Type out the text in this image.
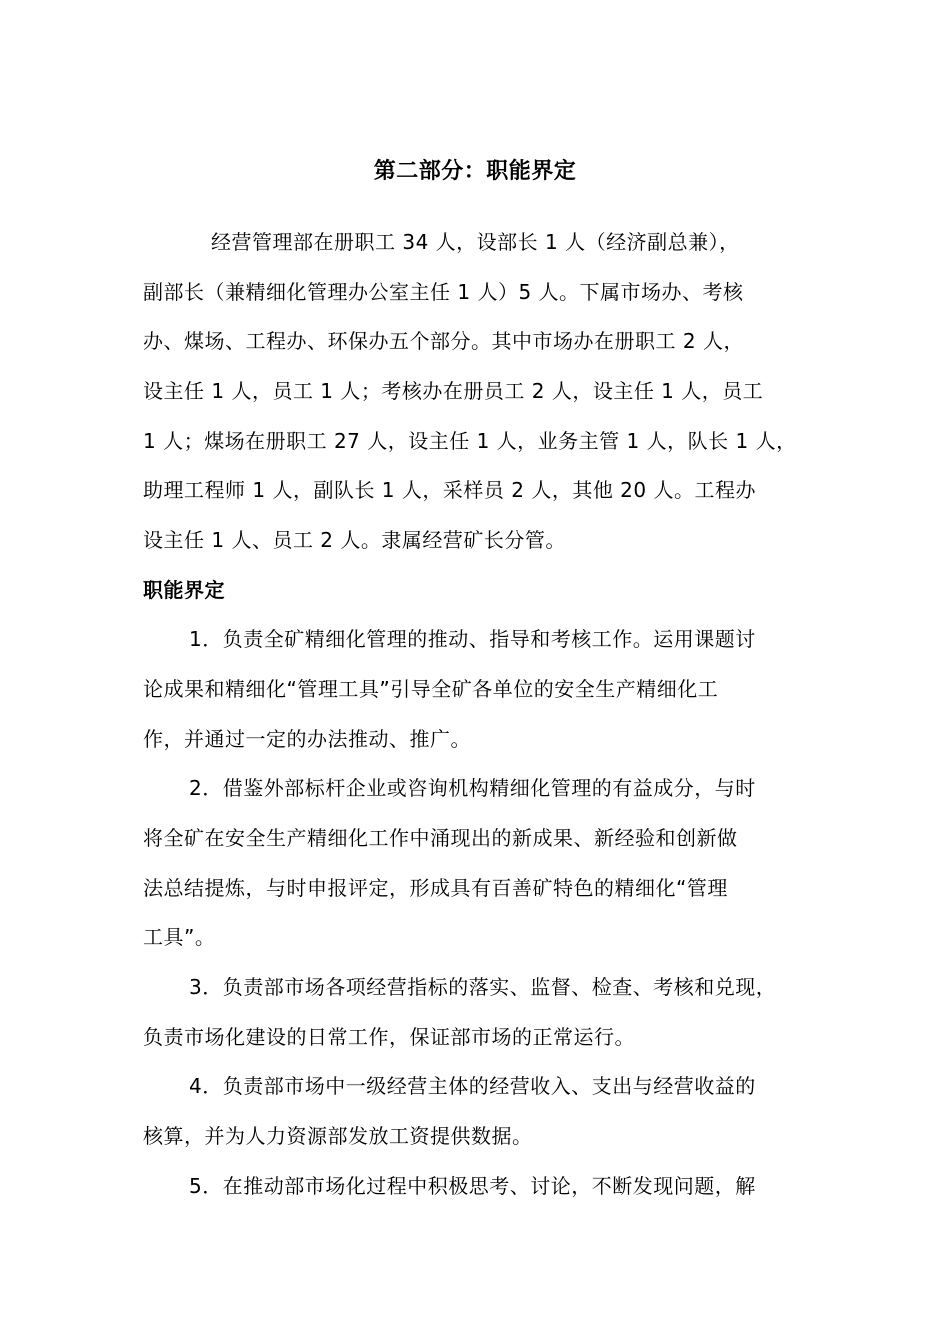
第二部分：职能界定
经营管理部在册职工 34 人，设部长 1 人（经济副总兼），
副部长（兼精细化管理办公室主任 1 人）5 人。下属市场办、考核
办、煤场、工程办、环保办五个部分。其中市场办在册职工 2 人，
设主任 1 人，员工 1 人；考核办在册员工 2 人，设主任 1 人，员工
1 人；煤场在册职工 27 人，设主任 1 人，业务主管 1 人，队长 1 人，
助理工程师 1 人，副队长 1 人，采样员 2 人，其他 20 人。工程办
设主任 1 人、员工 2 人。隶属经营矿长分管。
职能界定
1．负责全矿精细化管理的推动、指导和考核工作。运用课题讨
论成果和精细化“管理工具”引导全矿各单位的安全生产精细化工
作，并通过一定的办法推动、推广。
2．借鉴外部标杆企业或咨询机构精细化管理的有益成分，与时
将全矿在安全生产精细化工作中涌现出的新成果、新经验和创新做
法总结提炼，与时申报评定，形成具有百善矿特色的精细化“管理
工具”。
3．负责部市场各项经营指标的落实、监督、检查、考核和兑现，
负责市场化建设的日常工作，保证部市场的正常运行。
4．负责部市场中一级经营主体的经营收入、支出与经营收益的
核算，并为人力资源部发放工资提供数据。
5．在推动部市场化过程中积极思考、讨论，不断发现问题，解
